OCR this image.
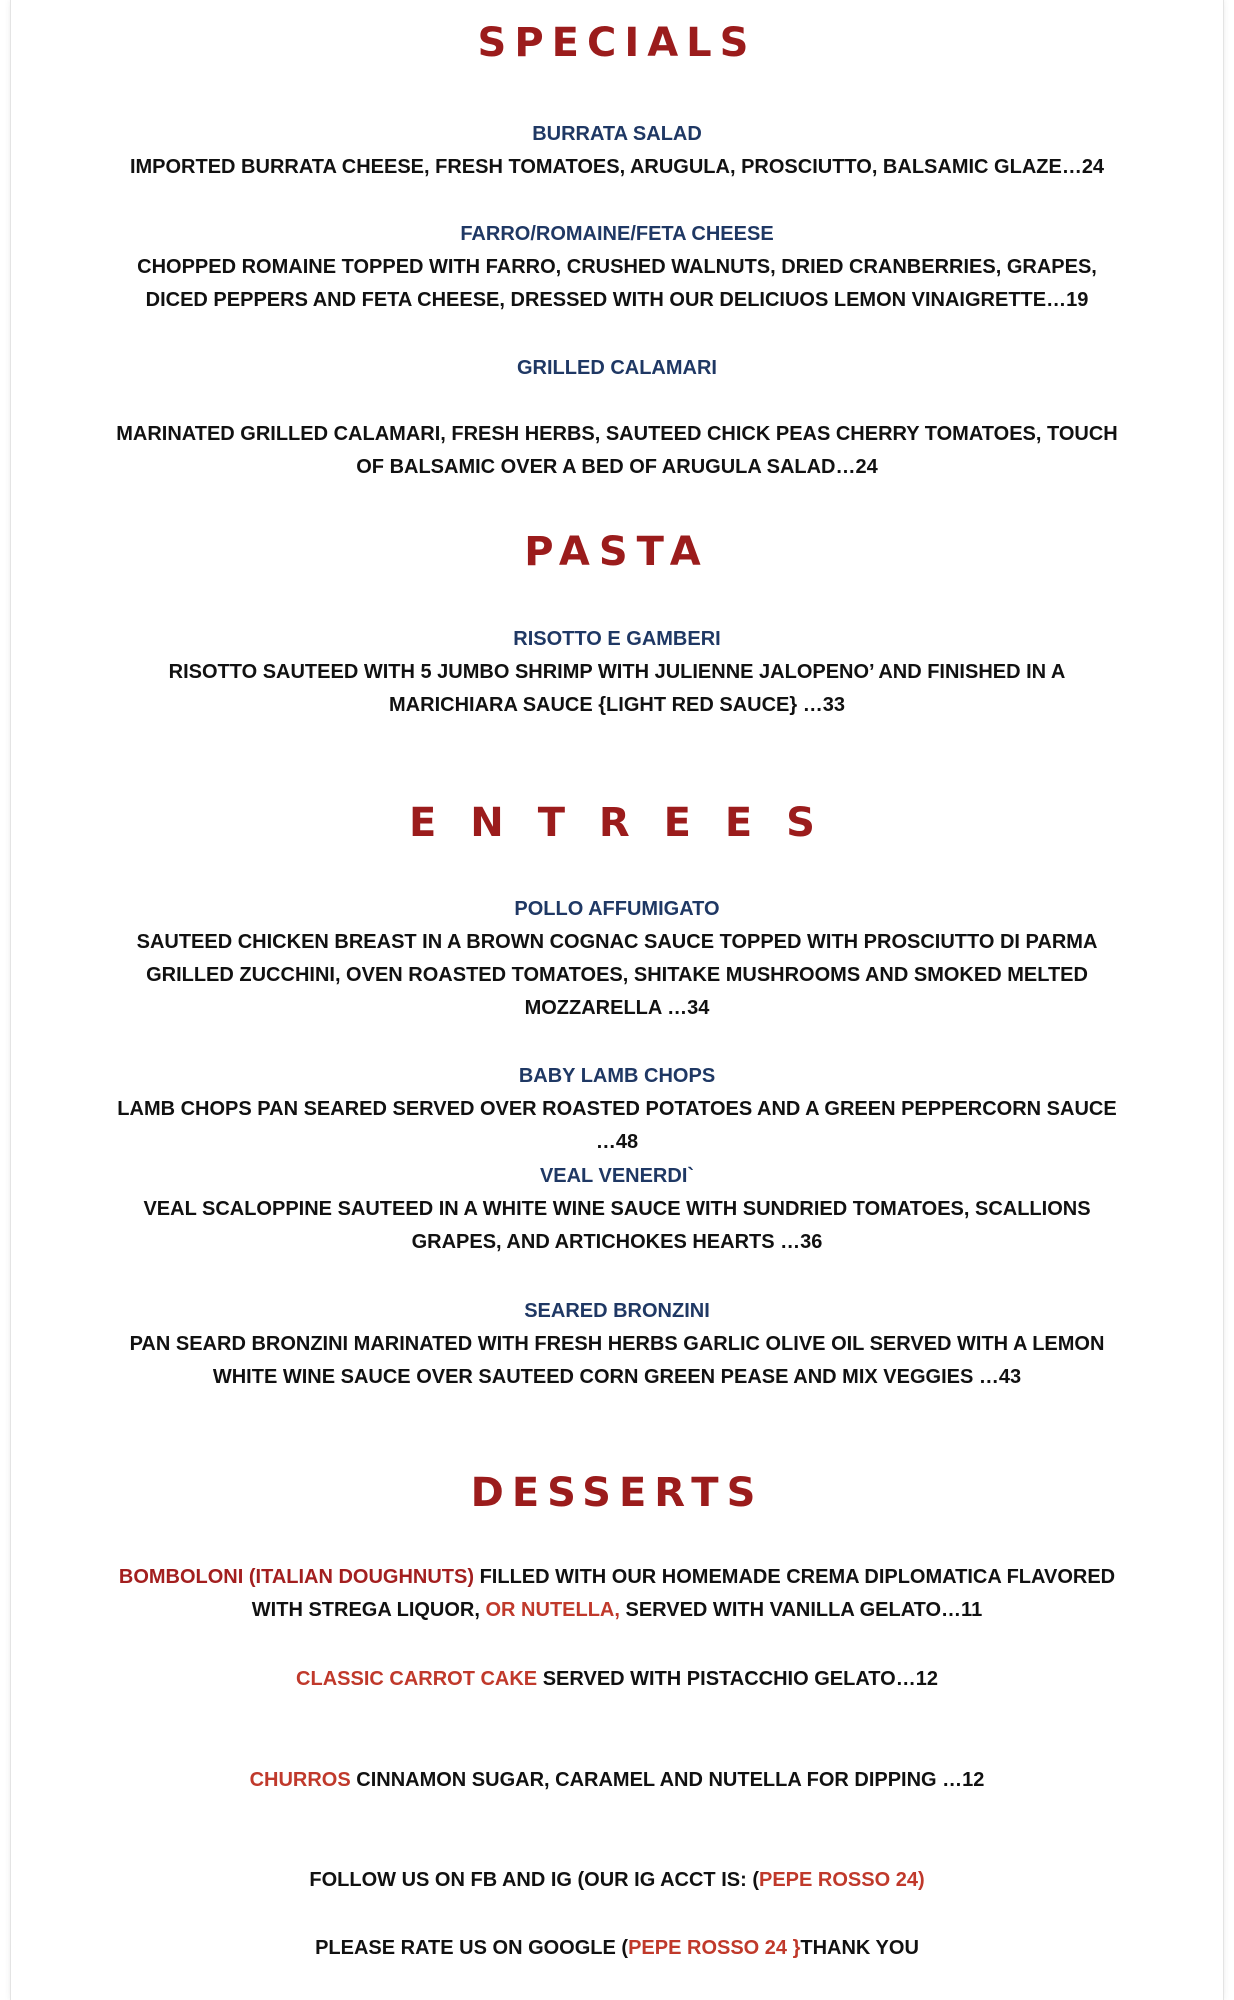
SPECIALS
BURRATA SALAD
IMPORTED BURRATA CHEESE, FRESH TOMATOES, ARUGULA, PROSCIUTTO, BALSAMIC GLAZE…24
FARRO/ROMAINE/FETA CHEESE
CHOPPED ROMAINE TOPPED WITH FARRO, CRUSHED WALNUTS, DRIED CRANBERRIES, GRAPES, DICED PEPPERS AND FETA CHEESE, DRESSED WITH OUR DELICIUOS LEMON VINAIGRETTE…19
GRILLED CALAMARI
MARINATED GRILLED CALAMARI, FRESH HERBS, SAUTEED CHICK PEAS CHERRY TOMATOES, TOUCH OF BALSAMIC OVER A BED OF ARUGULA SALAD…24
PASTA
RISOTTO E GAMBERI
RISOTTO SAUTEED WITH 5 JUMBO SHRIMP WITH JULIENNE JALOPENO’ AND FINISHED IN A MARICHIARA SAUCE {LIGHT RED SAUCE} …33
E N T R E E S
POLLO AFFUMIGATO
SAUTEED CHICKEN BREAST IN A BROWN COGNAC SAUCE TOPPED WITH PROSCIUTTO DI PARMA GRILLED ZUCCHINI, OVEN ROASTED TOMATOES, SHITAKE MUSHROOMS AND SMOKED MELTED MOZZARELLA …34
BABY LAMB CHOPS
LAMB CHOPS PAN SEARED SERVED OVER ROASTED POTATOES AND A GREEN PEPPERCORN SAUCE …48
VEAL VENERDI`
VEAL SCALOPPINE SAUTEED IN A WHITE WINE SAUCE WITH SUNDRIED TOMATOES, SCALLIONS GRAPES, AND ARTICHOKES HEARTS …36
SEARED BRONZINI
PAN SEARD BRONZINI MARINATED WITH FRESH HERBS GARLIC OLIVE OIL SERVED WITH A LEMON WHITE WINE SAUCE OVER SAUTEED CORN GREEN PEASE AND MIX VEGGIES …43
DESSERTS
BOMBOLONI (ITALIAN DOUGHNUTS) FILLED WITH OUR HOMEMADE CREMA DIPLOMATICA FLAVORED WITH STREGA LIQUOR, OR NUTELLA, SERVED WITH VANILLA GELATO…11
CLASSIC CARROT CAKE SERVED WITH PISTACCHIO GELATO…12
CHURROS CINNAMON SUGAR, CARAMEL AND NUTELLA FOR DIPPING …12
FOLLOW US ON FB AND IG (OUR IG ACCT IS: (PEPE ROSSO 24)
PLEASE RATE US ON GOOGLE (PEPE ROSSO 24 }THANK YOU
